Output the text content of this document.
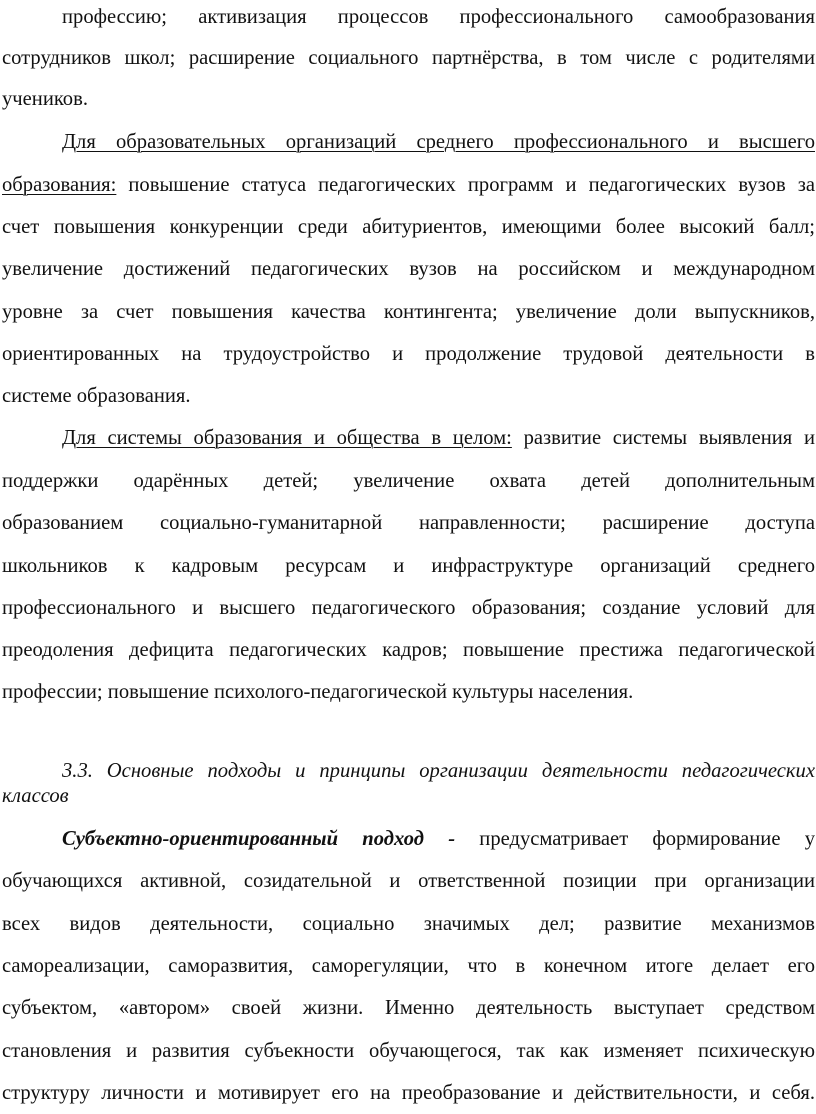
профессию; активизация процессов профессионального самообразования
сотрудников школ; расширение социального партнёрства, в том числе с родителями
учеников.
Для образовательных организаций среднего профессионального и высшего
образования: повышение статуса педагогических программ и педагогических вузов за
счет повышения конкуренции среди абитуриентов, имеющими более высокий балл;
увеличение достижений педагогических вузов на российском и международном
уровне за счет повышения качества контингента; увеличение доли выпускников,
ориентированных на трудоустройство и продолжение трудовой деятельности в
системе образования.
Для системы образования и общества в целом: развитие системы выявления и
поддержки одарённых детей; увеличение охвата детей дополнительным
образованием социально-гуманитарной направленности; расширение доступа
школьников к кадровым ресурсам и инфраструктуре организаций среднего
профессионального и высшего педагогического образования; создание условий для
преодоления дефицита педагогических кадров; повышение престижа педагогической
профессии; повышение психолого-педагогической культуры населения.
3.3. Основные подходы и принципы организации деятельности педагогических
классов
Субъектно-ориентированный подход - предусматривает формирование у
обучающихся активной, созидательной и ответственной позиции при организации
всех видов деятельности, социально значимых дел; развитие механизмов
самореализации, саморазвития, саморегуляции, что в конечном итоге делает его
субъектом, «автором» своей жизни. Именно деятельность выступает средством
становления и развития субъекности обучающегося, так как изменяет психическую
структуру личности и мотивирует его на преобразование и действительности, и себя.
